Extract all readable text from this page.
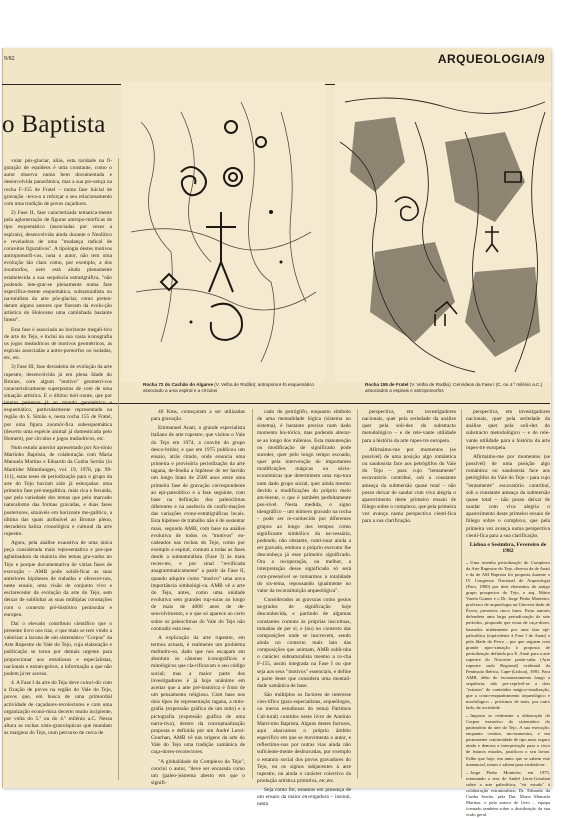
9/82	ARQUEOLOGIA/9
o Baptista
Rocha 72 do Cachão do Algarve (V. Velha de Rodão): antropomor-fo esquemático associado a uma espiral e a círculos
Rocha 155 de Fratel (V. Velha de Rodão): Cervídeos da Fase I (C. ou 4.º milénio a.C.) associados a espirais e antropomorfos

vular pós-glaciar, aliás, esta raridade na fi-guração de equídeos é uma constante, como o autor observa numa bem documentada e desenvolvida panorâmica, mas a sua pre-sença na rocha F-155 de Fratel – numa fase inicial de gravação –leva-o a reforçar o seu relacionamento com uma tradição de povos caçadores.

2) Fase II, fase caracterizada tematica-mente pela aglomeração de figuras antropo-mórficas de tipo esquemático (associadas por vezes a espirais), desenvolvida ainda durante o Neolítico e reveladora de uma "mudança radical de conceitos figurativos". A tipologia destes motivos antropomorfi-cos, nota o autor, não tem uma evolução tão clara como, por exemplo, a dos zoomorfos, nem está ainda plenamente estabelecida a sua sequência estratigráfica, "não podendo inte-grar-se plenamente numa fase especifica-mente esquemática, subnaturalista ou na-turalista da arte pós-glaciar, como preten-deram alguns autores que fizeram da evolu-ção artística do Holoceno uma caminhada bastante linear".

Esta fase é associada ao horizonte megalí-tico de arte do Tejo, e inclui na sua vasta iconografia os jogos meândricos de motivos geométricos, as espirais associadas a antro-pomorfos ou isoladas, etc, etc.

3) Fase III, fase derradeira de evolução da arte rupestre, desenvolvida já em plena Idade do Bronze, com algum "motivo" geometri-cos caracteristicamente superpostos de com de uma situação artística. E o último hori-zonte, que por inteiro pertence já ao mundo geométrico e esquemático, particularmente representado na região do S. Simão e, nesta rocha 155 de Fratel, por uma figura zoomór-fica subesquemática (decerto uma espécie animal já domesticada pelo Homem), por círculos e jogos meândricos, etc.

Num estudo anterior apresentado por An-tónio Martinho Baptista, de colaboração com Maria Manuela Martins e Eduardo da Cunha Serrão (in Madrider Mitteilungen, vol. 19, 1978, pp. 99-111), estas teses de periodização para o grupo da arte do Tejo haviam sido já esboçadas: uma primeira fase pré-megalítica, mais rica e fecunda, que pela variedade dos temas que pelo marcado naturalismo das formas gravadas, e duas fases posteriores, situáveis em horizonte me-galítico, a última das quais atribuível ao Bronze pleno, derradeira baliza cronológica e cultural da arte rupestre.

Agora, pela análise exaustiva de uma única peça considerada mais representativa e por-que aglutinadora da maioria dos temas gra-vados no Tejo e porque documentativa de várias fases de execução – AMB pode solidi-ficar as suas anteriores hipóteses de trabalho e oferecer-nos, neste ensaio, uma visão de conjunto vivo e esclarecedor da evolução da arte do Tejo, sem deixar de sublinhar as suas múltiplas conotações com o contexto pré-histórico peninsular e europeu.

Daí o elevado contributo científico que o presente livro nos traz, e que mais se tem vindo a valorizar a lacuna de um sistemático "Corpus" da Arte Rupestre do Vale do Tejo, cuja elaboração e publicação se torna por demais urgente para proporcionar aos estudiosos e especialistas, nacionais e estran-geiros, a informação a que não podem já ter acesso.

4. A Fase I da arte do Tejo deve coinci-dir com a fixação de povos na região do Vale do Tejo, povos que, em busca de uma primordial actividade de caçadores-recolectores e com uma organização econó-mica decerto muito incipiente, por volta do 5.º ou do 4.º milénio a.C. Nessa altura as rochas xisto-grauváquicas que mundam as margens do Tejo, num percurso de cerca de

40 Kms, começaram a ser utilizadas para gravação.

Emmanuel Anati, o grande especialista italiano de arte rupestre, que visitou o Vale do Tejo em 1974, a convite do grupo desco-bridor, e que em 1975 publicou um ensaio, atrás citado, onde enuncia uma primeira e provisória periodização da arte tagana, de-fendia a hipótese de ter havido um longo hiato de 2500 anos entre uma primeira fase de gravação correspondente ao epi-paleolítico e a fase seguinte, com base na definição dos paleoclimas diferentes e na ausência de confir-mações das variações crono-estratigráficas locais. Esta hipótese de trabalho não é de sustentar mais, segundo AMB, com base na análise evolutiva de todos os "motivos" en-cadeados nas rochas do Tejo, como por exemplo a espiral, comum a todas as fases desde a subnaturalista (Fase I) às mais recen-tes, e por sinal "revificada anagrammaticamente" a partir da Fase II, quando adquire como "motivo" uma nova importância simbológi-ca. AMB vê a arte do Tejo, antes, como uma unidade evolutiva sem grandes rup-turas ao longo de mais de 4000 anos de de-senvolvimento, e o que só aparece ao certo sobre os paleoclimas do Vale do Tejo não contradiz esta tese.

A explicação da arte rupestre, em termos actuais, é realmente um problema melindro-so, dado que nos escapam em absoluto os cânones iconográficos e mitológicos que cla-rificavam o seu código social; mas a maior parte dos investigadores é já hoje unânime em aceitar que a arte pré-histórica é fruto de um pensamento religioso. Com base nos dois tipos de representação tagana, a mito-grafia (expressão gráfica de um mito) e a pictografia (expressão gráfica de uma narra-tiva), dentro da conceptualização proposta e definida por um André Leroi-Gourhan, AMB vê nas origens da arte do Vale do Tejo uma tradição xamânica de caça-dores-recolectores.

"A globalidade do Complexo do Tejo", conclui o autor, "deve ser encarada como um (paleo-)sistema aberto em que o signifi-

cado do petróglifo, enquanto símbolo de uma mentalidade lógica (sistema no sistema), é bastante preciso num dado momento his-tórico, mas podendo alterar-se ao longo dos milénios. Esta manutenção ou modificação de significado pode suceder, quer pelo longo tempo escoado, quer pela intervenção de importantes modificações mágicas ou sócio-económicas que determinem uma rup-tura num dado grupo social, quer ainda mesmo devido a modificações do próprio meio am-biente, o que é também perfeitamente pos-sível. Nesta medida, o signo ideográfico – um número gravado na rocha – pode ser re-conhecido por diferentes grupos ao longo dos tempos como significante simbólico da ne-cessária, podendo, não obstante, conti-nuar ainda a ser gravado, embora o próprio executor lhe desconheça já esse primeiro significado. Ora a recuperação, ou melhor, a interpretação desse significado só será com-preensível se tomarmos a totalidade do sis-tema, repousando igualmente no valor da reconstituição arqueológica".

Considerados as gravuras como gestos sa-grados de significação hoje desconhecida, e partindo de algumas constantes comuns às próprias inscultuas, tomadas de per si, e (ou) no contexto das composições onde se inscrevem, sendo ainda no contexto mais lato das composições que animam, AMB subli-nha o carácter subnaturalista mesmo a ro-cha F-155, assim integrada na Fase I ou que seja aos seus "motivos" essenciais, e define a parte deste que considera uma mentali-dade xamânica de base.

São múltiplos os factores de interesse cien-tífico (para especialistas, arqueólogos, ou meros estudiosos do tema) Partimos Cul-tural) contidos neste livro de António Marti-nho Baptista. Alguns destes factores, aqui abarcamos o próprio âmbito específico em que se movimenta o autor, e reflectimo-nos por outras vias ainda não suficiente-mente desbravadas, por exemplo o estatuto social dos povos gravadores do Tejo, ou os signos subjacentes à arte rupestre, ou ainda o carácter colectivo da produção artística primitiva, etc,etc.

Seja como for, estamos em presença de um ensaio da maior envergadura – insinui, nesta

perspectiva, em investigadores nacionais, quer pela seriedade da análise quer pela soli-dez do substracto metodológico – e de rele-vante utilidade para a história da arte rupes-tre europeia.

Afirmámo-me por momentos (se possível) de uma posição algo romântica ou saudosista face aos petróglifos do Vale do Tejo – para cujo "lentamente" escavatório contribuí, sob a constante ameaça da submersão quase total – não posso deixar de saudar com viva alegria o aparecimento deste primeiro ensaio de fôlego sobre o complexo, que pela primeira vez avança numa perspectiva cientí-fica para a sua clarificação.

perspectiva, em investigadores nacionais, quer pela seriedade da análise quer pela soli-dez do substracto metodológico – e de rele-vante utilidade para a história da arte rupes-tre europeia.

Afirmámo-me por momentos (se possível) de uma posição algo romântica ou saudosista face aos petróglifos do Vale do Tejo – para cujo "lentamente" escavatório contribuí, sob a constante ameaça da submersão quase total – não posso deixar de saudar com viva alegria o aparecimento deste primeiro ensaio de fôlego sobre o complexo, que pela primeira vez avança numa perspectiva cientí-fica para a sua clarificação.

Lisboa e Sesimbra, Fevereiro de 1982

– Uma resenha periodização do Complexo da Arte Rupestre do Tejo, diversa da de Anati e da de AM Baptista foi proposta durante o IV Congresso Nacional de Arqueologia (Faro, 1980) por dois elementos do antigo grupo prospector do Tejo, o arq. Mário Varela Gomes e o Dr. Jorge Pinho Monteiro, professor de arqueologia na Universi-dade de Évora, presentes cinco fases. Estas autores defendem uma larga periodi-zação de sete períodos, propondo que essas de caça-dores, baseados nitidamente por uma fase epi-paleolítica (equivalente à Fase I de Anati) e pela Idade do Ferro – por que seguem com grande apro-ximação à proposta de periodização definida por E. Anati para a arte rupestre do Noroeste penin-sular (Arte rupestre sudo Regional) ocidental da Península Ibérica, Cape-(Lisboa), 1981. Para AMB, além do escamoteamento longo a sequência, não per-ceptível-se a dois "estratos" de conteúdos mágico-sinalização, que a crono-enquadramento arqueológico e morfológico – próximos de mais, por outro lado, da sociedade.

– Importa se realmente a elaboração do Corpus exaustivo do sistemático do património da arte do Tejo. A sua execução, enquanto cenário, mo-numentos, e em permanente continuidade de tipo mais seguro ainda e demora a interpretação para o risco de futuros estudos, justificou o seu lavrar. Falho que hoje, em tanto que se sabem este manancial, temos e sabem para estabelecer.

– Jorge Pinho Monteiro, em 1975, retomando a tese de André Leroi-Gourhan sobre a arte paleolítica, "vir estudo" à colaboração estruturalista; Dr. Eduardo da Cunha Serrão, pela Dra. Maria Manuela Martins, e pela autora do livro – equipa formado também sobre a distribuição da sua visão geral.
